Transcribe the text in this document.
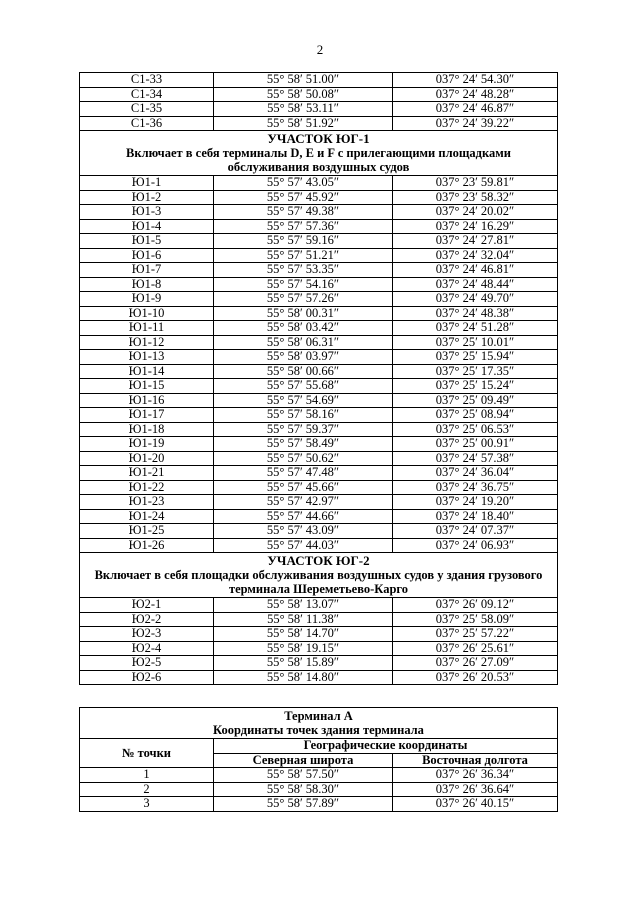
2
С1-33	55° 58′ 51.00″	037° 24′ 54.30″
С1-34	55° 58′ 50.08″	037° 24′ 48.28″
С1-35	55° 58′ 53.11″	037° 24′ 46.87″
С1-36	55° 58′ 51.92″	037° 24′ 39.22″

УЧАСТОК ЮГ-1
Включает в себя терминалы D, E и F с прилегающими площадками обслуживания воздушных судов		
Ю1-1	55° 57′ 43.05″	037° 23′ 59.81″
Ю1-2	55° 57′ 45.92″	037° 23′ 58.32″
Ю1-3	55° 57′ 49.38″	037° 24′ 20.02″
Ю1-4	55° 57′ 57.36″	037° 24′ 16.29″
Ю1-5	55° 57′ 59.16″	037° 24′ 27.81″
Ю1-6	55° 57′ 51.21″	037° 24′ 32.04″
Ю1-7	55° 57′ 53.35″	037° 24′ 46.81″
Ю1-8	55° 57′ 54.16″	037° 24′ 48.44″
Ю1-9	55° 57′ 57.26″	037° 24′ 49.70″
Ю1-10	55° 58′ 00.31″	037° 24′ 48.38″
Ю1-11	55° 58′ 03.42″	037° 24′ 51.28″
Ю1-12	55° 58′ 06.31″	037° 25′ 10.01″
Ю1-13	55° 58′ 03.97″	037° 25′ 15.94″
Ю1-14	55° 58′ 00.66″	037° 25′ 17.35″
Ю1-15	55° 57′ 55.68″	037° 25′ 15.24″
Ю1-16	55° 57′ 54.69″	037° 25′ 09.49″
Ю1-17	55° 57′ 58.16″	037° 25′ 08.94″
Ю1-18	55° 57′ 59.37″	037° 25′ 06.53″
Ю1-19	55° 57′ 58.49″	037° 25′ 00.91″
Ю1-20	55° 57′ 50.62″	037° 24′ 57.38″
Ю1-21	55° 57′ 47.48″	037° 24′ 36.04″
Ю1-22	55° 57′ 45.66″	037° 24′ 36.75″
Ю1-23	55° 57′ 42.97″	037° 24′ 19.20″
Ю1-24	55° 57′ 44.66″	037° 24′ 18.40″
Ю1-25	55° 57′ 43.09″	037° 24′ 07.37″
Ю1-26	55° 57′ 44.03″	037° 24′ 06.93″

УЧАСТОК ЮГ-2
Включает в себя площадки обслуживания воздушных судов у здания грузового терминала Шереметьево-Карго		
Ю2-1	55° 58′ 13.07″	037° 26′ 09.12″
Ю2-2	55° 58′ 11.38″	037° 25′ 58.09″
Ю2-3	55° 58′ 14.70″	037° 25′ 57.22″
Ю2-4	55° 58′ 19.15″	037° 26′ 25.61″
Ю2-5	55° 58′ 15.89″	037° 26′ 27.09″
Ю2-6	55° 58′ 14.80″	037° 26′ 20.53″
Терминал А
Координаты точек здания терминала		
№ точки	Географические координаты	
	Северная широта	Восточная долгота
1	55° 58′ 57.50″	037° 26′ 36.34″
2	55° 58′ 58.30″	037° 26′ 36.64″
3	55° 58′ 57.89″	037° 26′ 40.15″
